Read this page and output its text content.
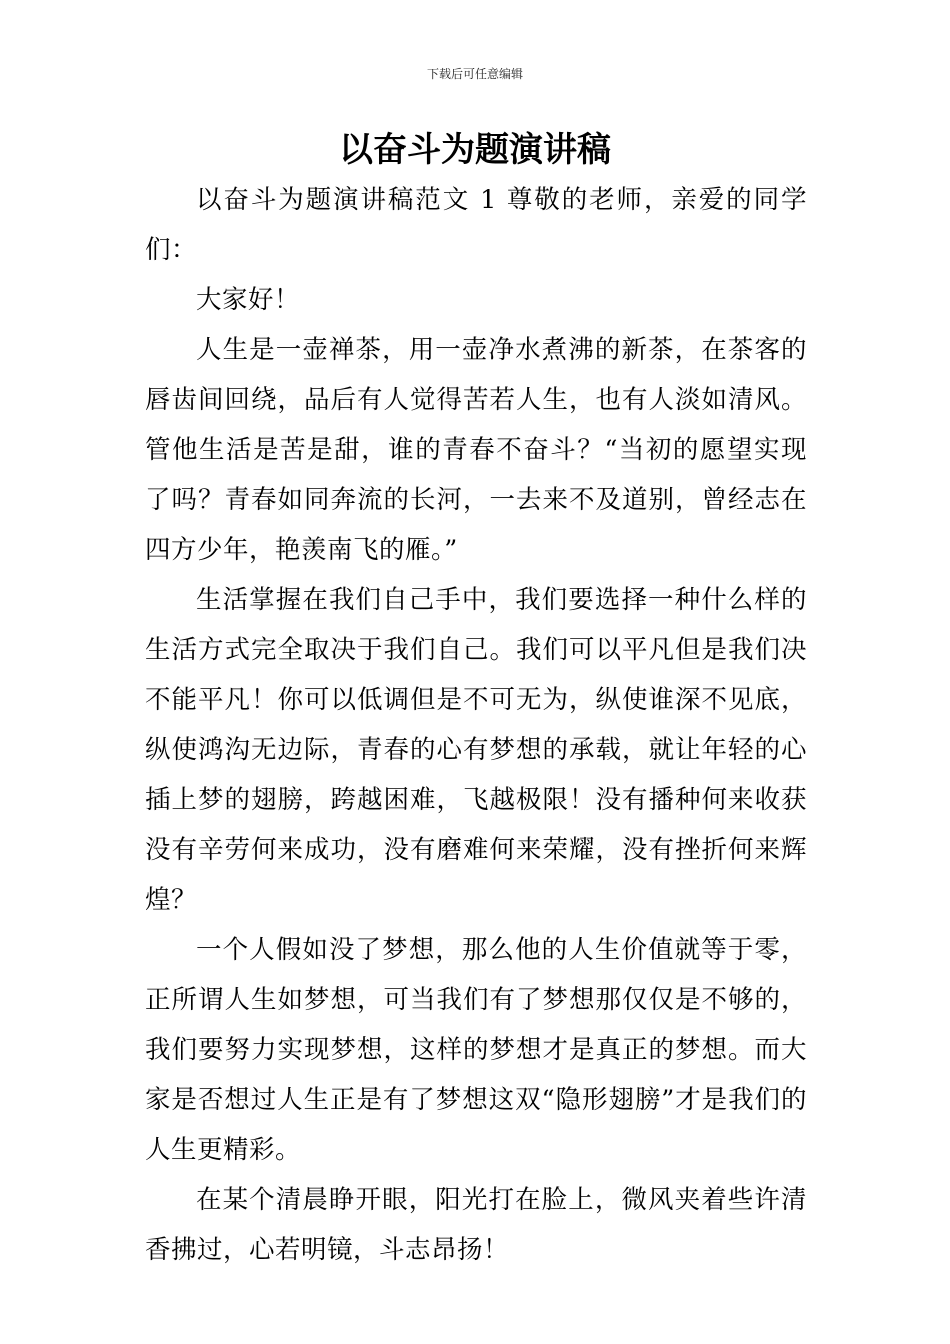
下载后可任意编辑
以奋斗为题演讲稿

以奋斗为题演讲稿范文 1 尊敬的老师，亲爱的同学们：

大家好！

人生是一壶禅茶，用一壶净水煮沸的新茶，在茶客的唇齿间回绕，品后有人觉得苦若人生，也有人淡如清风。管他生活是苦是甜，谁的青春不奋斗？“当初的愿望实现了吗？青春如同奔流的长河，一去来不及道别，曾经志在四方少年，艳羡南飞的雁。”

生活掌握在我们自己手中，我们要选择一种什么样的生活方式完全取决于我们自己。我们可以平凡但是我们决不能平凡！你可以低调但是不可无为，纵使谁深不见底，纵使鸿沟无边际，青春的心有梦想的承载，就让年轻的心插上梦的翅膀，跨越困难，飞越极限！没有播种何来收获没有辛劳何来成功，没有磨难何来荣耀，没有挫折何来辉煌？

一个人假如没了梦想，那么他的人生价值就等于零，正所谓人生如梦想，可当我们有了梦想那仅仅是不够的，我们要努力实现梦想，这样的梦想才是真正的梦想。而大家是否想过人生正是有了梦想这双“隐形翅膀”才是我们的人生更精彩。

在某个清晨睁开眼，阳光打在脸上，微风夹着些许清香拂过，心若明镜，斗志昂扬！
